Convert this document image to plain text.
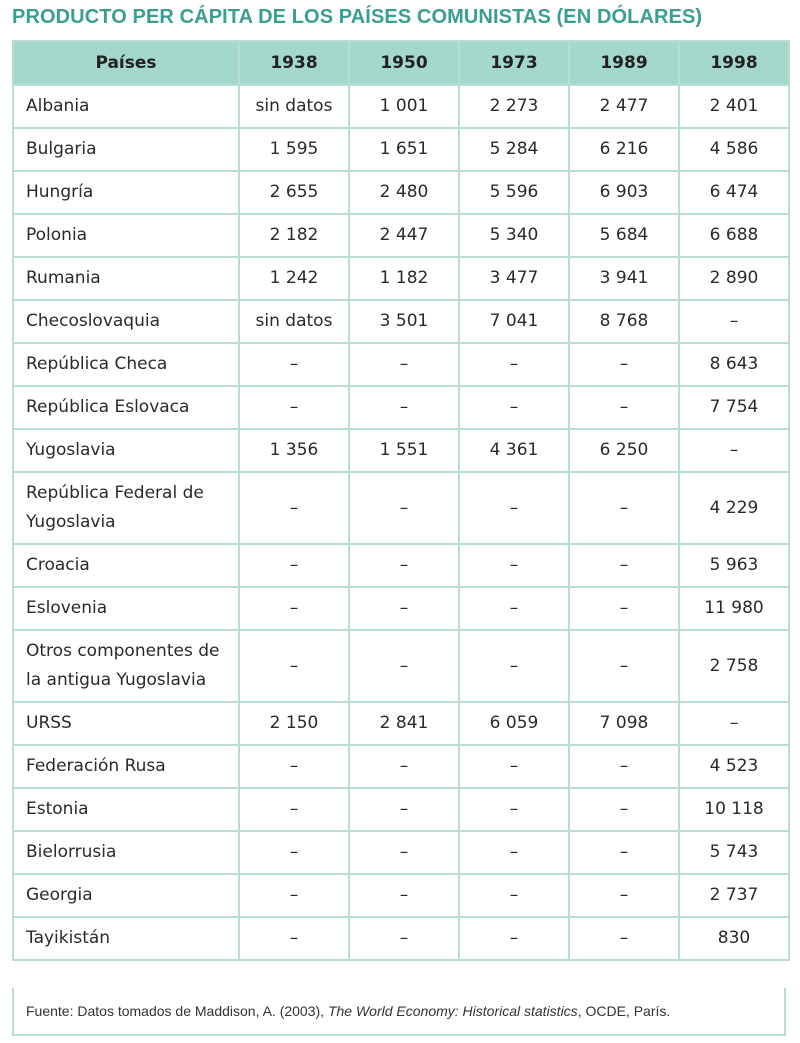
PRODUCTO PER CÁPITA DE LOS PAÍSES COMUNISTAS (EN DÓLARES)
Países	1938	1950	1973	1989	1998
Albania	sin datos	1 001	2 273	2 477	2 401
Bulgaria	1 595	1 651	5 284	6 216	4 586
Hungría	2 655	2 480	5 596	6 903	6 474
Polonia	2 182	2 447	5 340	5 684	6 688
Rumania	1 242	1 182	3 477	3 941	2 890
Checoslovaquia	sin datos	3 501	7 041	8 768	–
República Checa	–	–	–	–	8 643
República Eslovaca	–	–	–	–	7 754
Yugoslavia	1 356	1 551	4 361	6 250	–
República Federal de Yugoslavia	–	–	–	–	4 229
Croacia	–	–	–	–	5 963
Eslovenia	–	–	–	–	11 980
Otros componentes de la antigua Yugoslavia	–	–	–	–	2 758
URSS	2 150	2 841	6 059	7 098	–
Federación Rusa	–	–	–	–	4 523
Estonia	–	–	–	–	10 118
Bielorrusia	–	–	–	–	5 743
Georgia	–	–	–	–	2 737
Tayikistán	–	–	–	–	830
Fuente: Datos tomados de Maddison, A. (2003), The World Economy: Historical statistics, OCDE, París.
